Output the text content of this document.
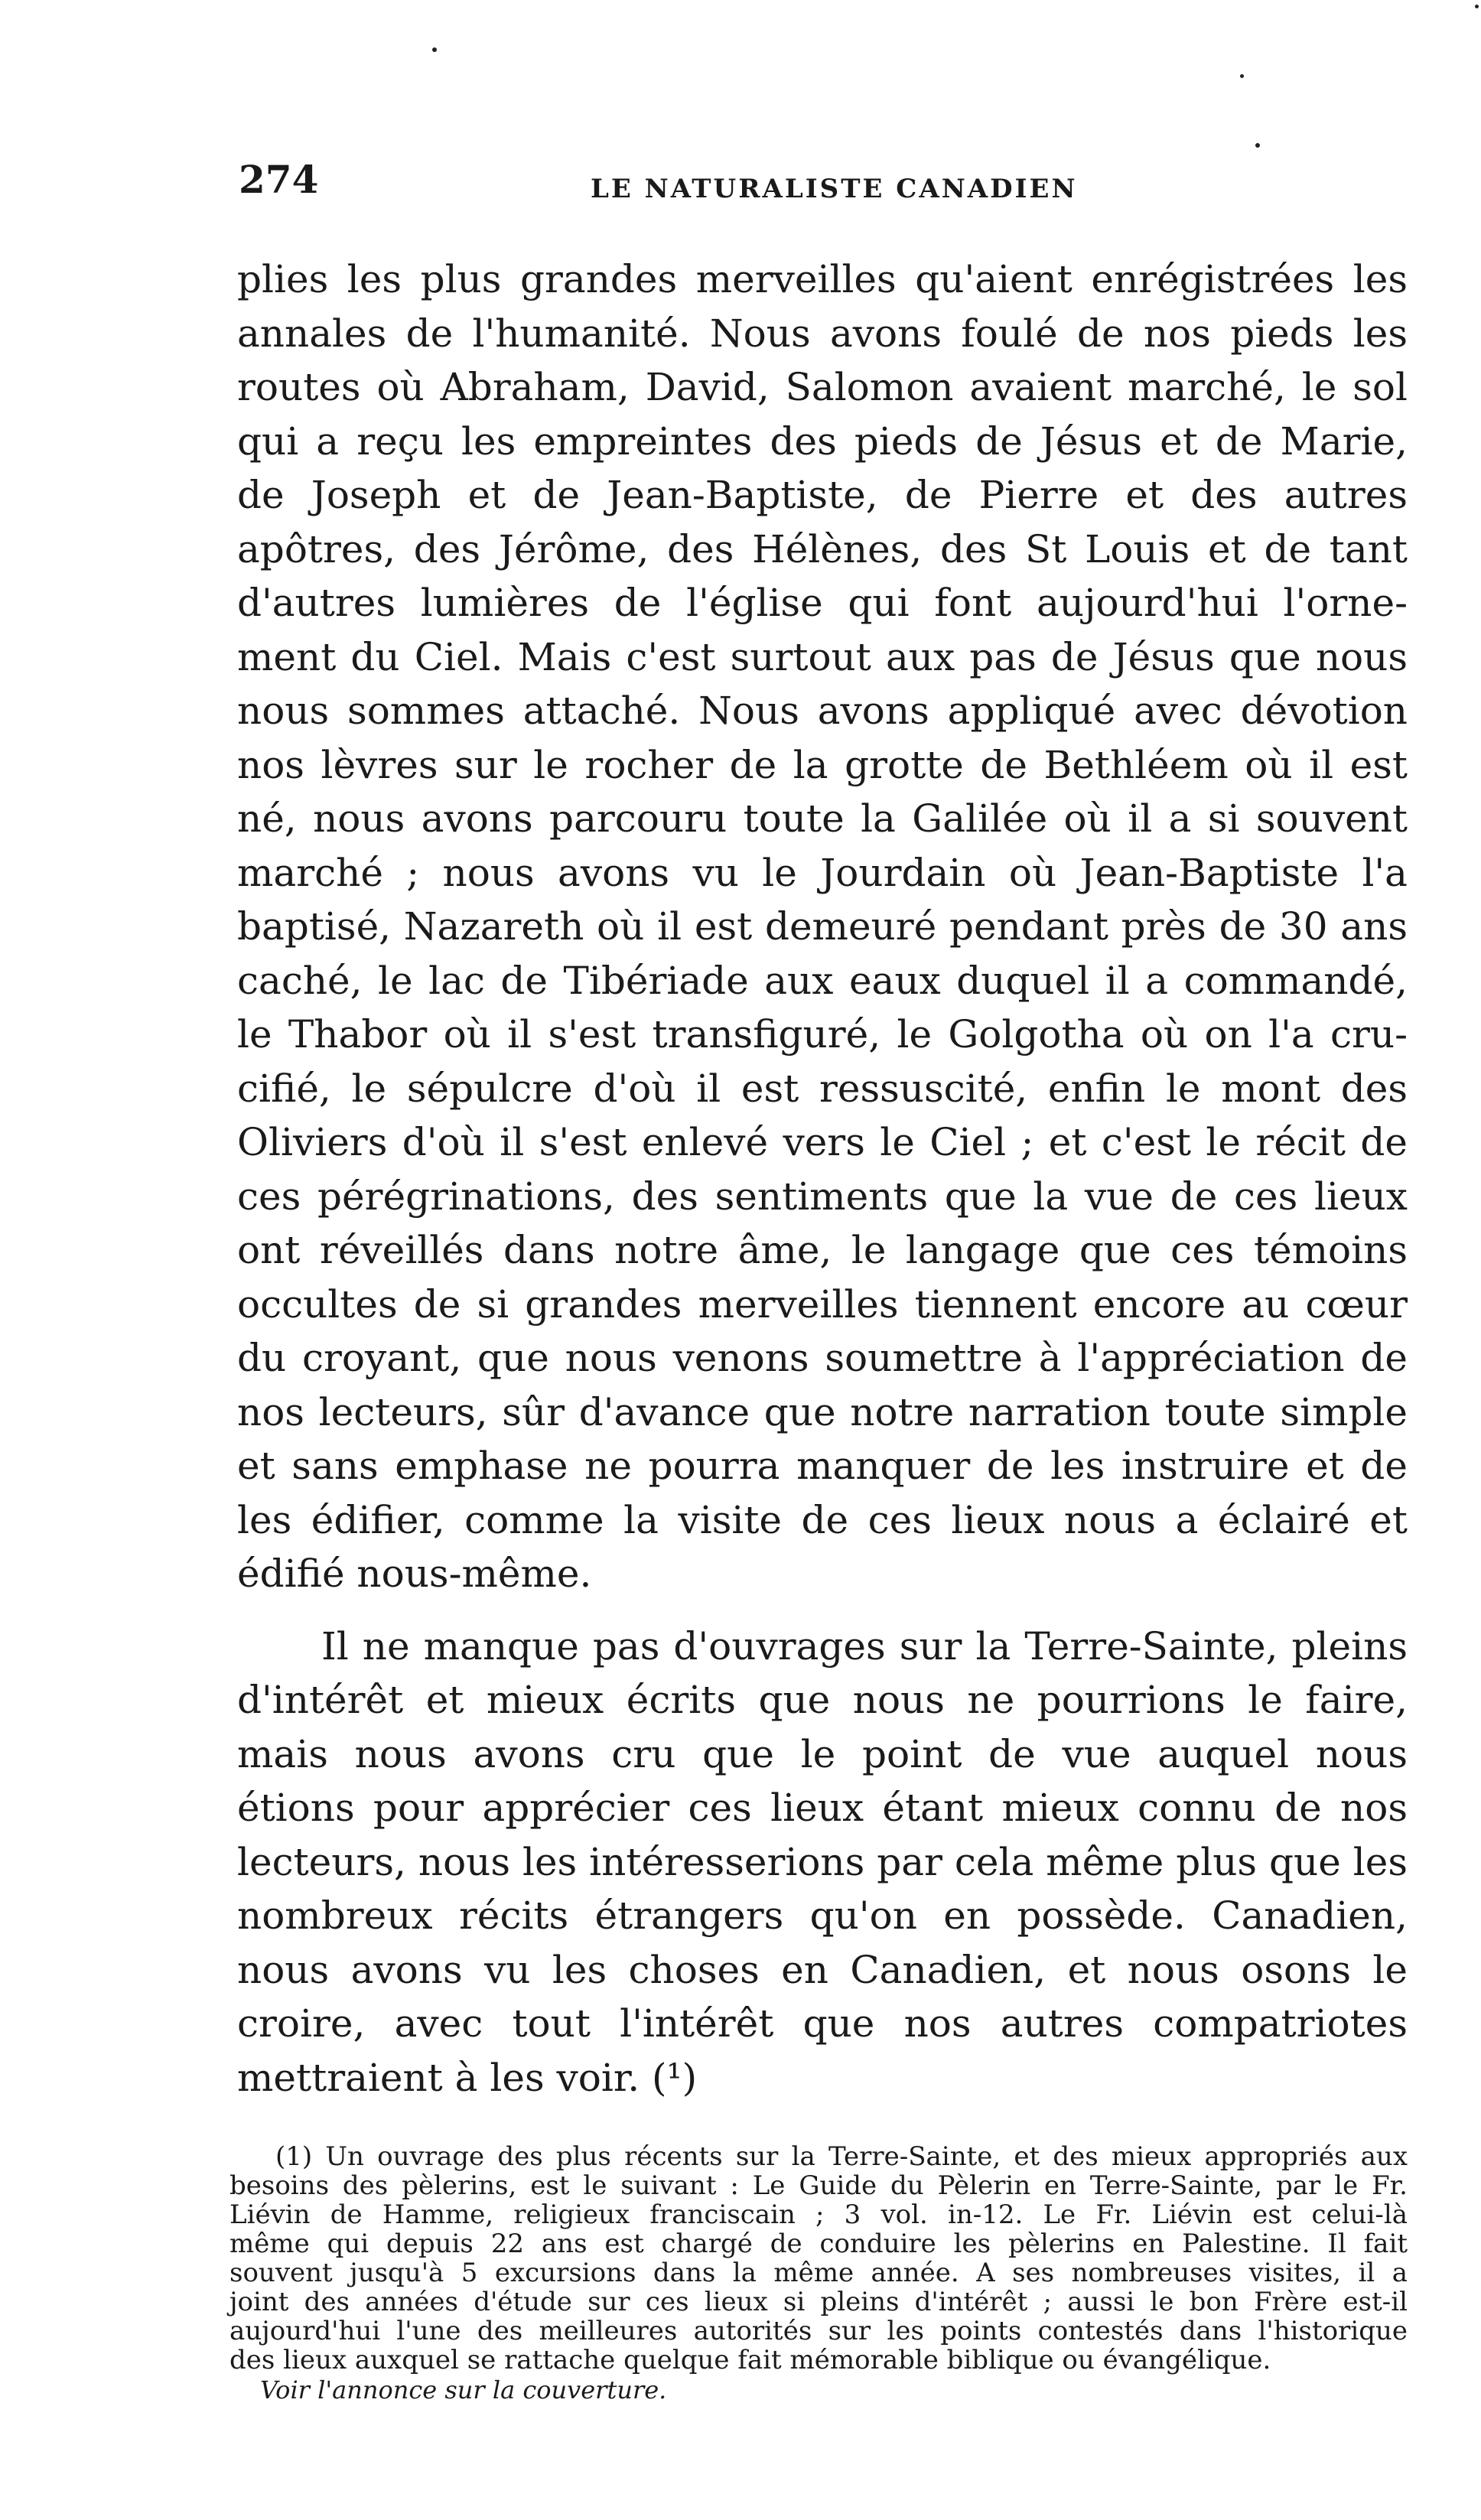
274	LE NATURALISTE CANADIEN
plies les plus grandes merveilles qu'aient enrégistrées les
annales de l'humanité. Nous avons foulé de nos pieds les
routes où Abraham, David, Salomon avaient marché, le sol
qui a reçu les empreintes des pieds de Jésus et de Marie,
de Joseph et de Jean-Baptiste, de Pierre et des autres
apôtres, des Jérôme, des Hélènes, des St Louis et de tant
d'autres lumières de l'église qui font aujourd'hui l'orne-
ment du Ciel. Mais c'est surtout aux pas de Jésus que nous
nous sommes attaché. Nous avons appliqué avec dévotion
nos lèvres sur le rocher de la grotte de Bethléem où il est
né, nous avons parcouru toute la Galilée où il a si souvent
marché ; nous avons vu le Jourdain où Jean-Baptiste l'a
baptisé, Nazareth où il est demeuré pendant près de 30 ans
caché, le lac de Tibériade aux eaux duquel il a commandé,
le Thabor où il s'est transfiguré, le Golgotha où on l'a cru-
cifié, le sépulcre d'où il est ressuscité, enfin le mont des
Oliviers d'où il s'est enlevé vers le Ciel ; et c'est le récit de
ces pérégrinations, des sentiments que la vue de ces lieux
ont réveillés dans notre âme, le langage que ces témoins
occultes de si grandes merveilles tiennent encore au cœur
du croyant, que nous venons soumettre à l'appréciation de
nos lecteurs, sûr d'avance que notre narration toute simple
et sans emphase ne pourra manquer de les instruire et de
les édifier, comme la visite de ces lieux nous a éclairé et
édifié nous-même.
Il ne manque pas d'ouvrages sur la Terre-Sainte, pleins
d'intérêt et mieux écrits que nous ne pourrions le faire,
mais nous avons cru que le point de vue auquel nous
étions pour apprécier ces lieux étant mieux connu de nos
lecteurs, nous les intéresserions par cela même plus que les
nombreux récits étrangers qu'on en possède. Canadien,
nous avons vu les choses en Canadien, et nous osons le
croire, avec tout l'intérêt que nos autres compatriotes
mettraient à les voir. (¹)
(1) Un ouvrage des plus récents sur la Terre-Sainte, et des mieux appropriés aux
besoins des pèlerins, est le suivant : Le Guide du Pèlerin en Terre-Sainte, par le Fr.
Liévin de Hamme, religieux franciscain ; 3 vol. in-12. Le Fr. Liévin est celui-là
même qui depuis 22 ans est chargé de conduire les pèlerins en Palestine. Il fait
souvent jusqu'à 5 excursions dans la même année. A ses nombreuses visites, il a
joint des années d'étude sur ces lieux si pleins d'intérêt ; aussi le bon Frère est-il
aujourd'hui l'une des meilleures autorités sur les points contestés dans l'historique
des lieux auxquel se rattache quelque fait mémorable biblique ou évangélique.
Voir l'annonce sur la couverture.
